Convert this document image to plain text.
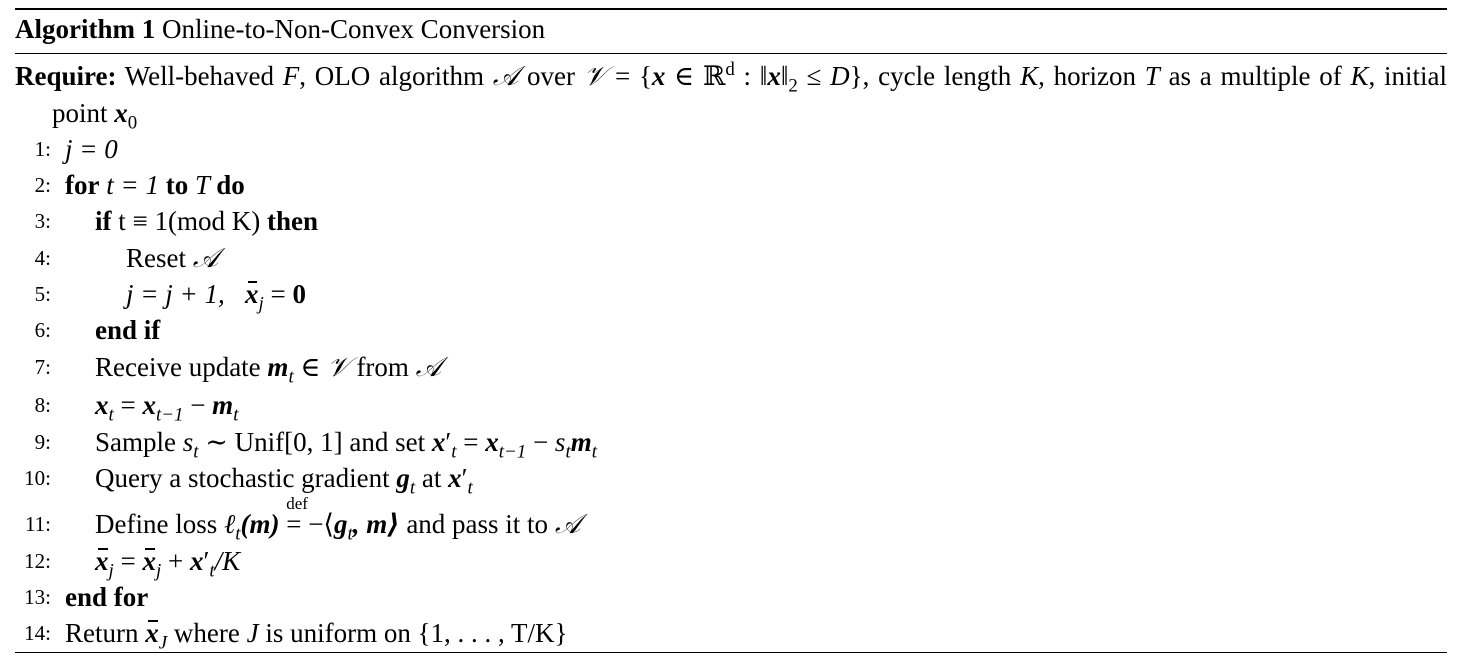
Algorithm 1 Online-to-Non-Convex Conversion
Require: Well-behaved F, OLO algorithm 𝒜 over 𝒱 = {x ∈ ℝ$^d$ : $‖x‖_2 \le D$}, cycle length K, horizon T as a multiple of K, initial point $x_0$
1: j = 0
2: for t = 1 to T do
3: if t ≡ 1(mod K) then
4:	Reset 𝒜
5:	j = j + 1,   $x_j = 0$
6: end if
7: Receive update $m_t$ ∈ 𝒱 from 𝒜
8: $x_t = x_{t-1} - m_t$
9: Sample $s_t$ ∼ Unif[0, 1] and set $x'_t = x_{t-1} - s_tm_t$
10: Query a stochastic gradient $g_t$ at $x'_t$
11: Define loss ℓ$_t$(m)
def
= $-⟨g_t$, m⟩ and pass it to 𝒜
12: $x_j = x_j + x'_t/K$
13: end for
14: Return $x_J$ where J is uniform on {1, . . . , T/K}
